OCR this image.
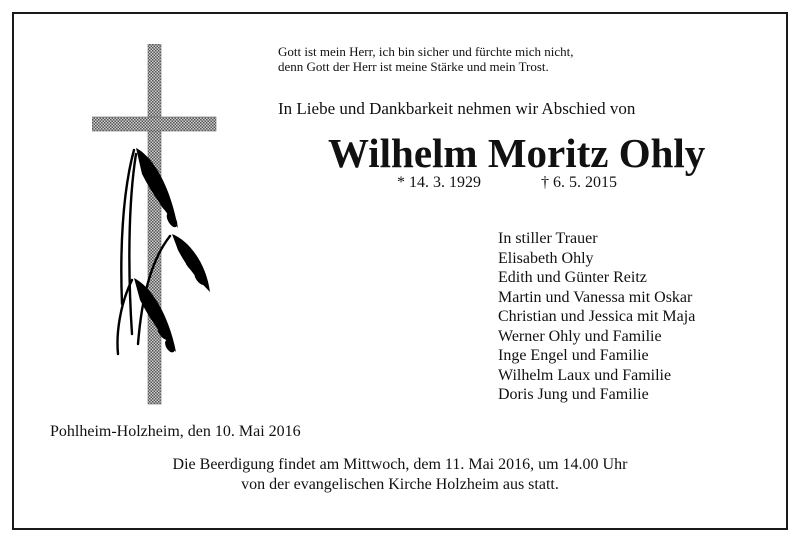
Gott ist mein Herr, ich bin sicher und fürchte mich nicht,
denn Gott der Herr ist meine Stärke und mein Trost.
In Liebe und Dankbarkeit nehmen wir Abschied von
Wilhelm Moritz Ohly
* 14. 3. 1929	† 6. 5. 2015
In stiller Trauer
Elisabeth Ohly
Edith und Günter Reitz
Martin und Vanessa mit Oskar
Christian und Jessica mit Maja
Werner Ohly und Familie
Inge Engel und Familie
Wilhelm Laux und Familie
Doris Jung und Familie
Pohlheim-Holzheim, den 10. Mai 2016
Die Beerdigung findet am Mittwoch, dem 11. Mai 2016, um 14.00 Uhr
von der evangelischen Kirche Holzheim aus statt.
